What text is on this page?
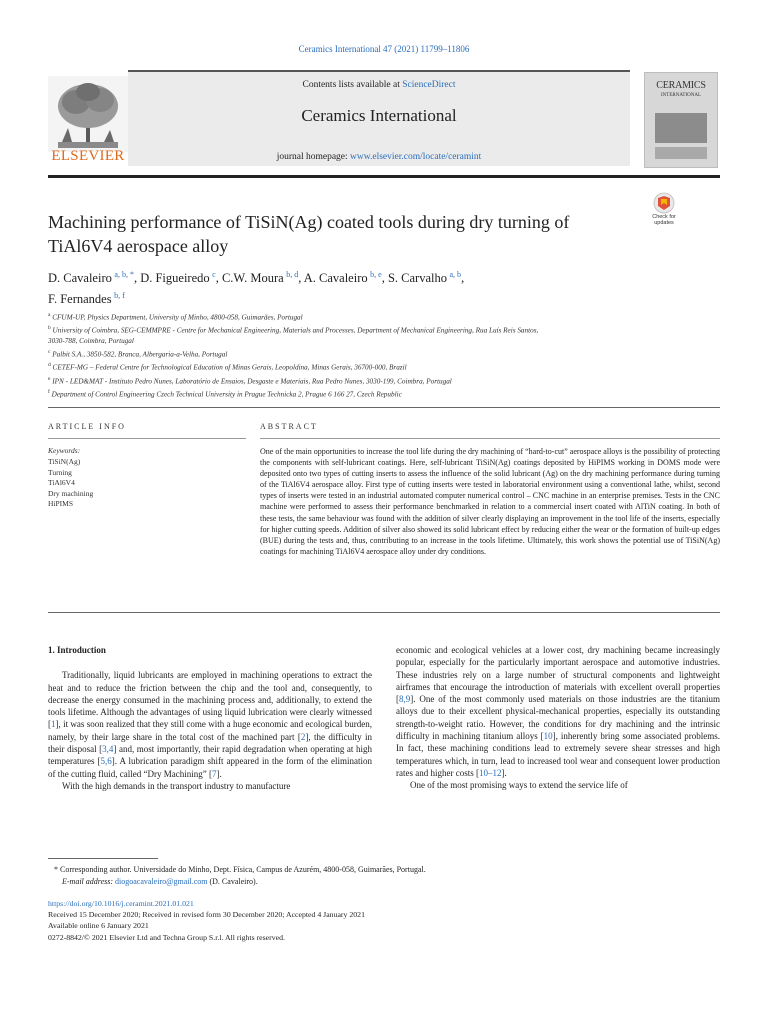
Ceramics International 47 (2021) 11799–11806
ELSEVIER
Contents lists available at ScienceDirect
Ceramics International
journal homepage: www.elsevier.com/locate/ceramint
CERAMICS
INTERNATIONAL
Machining performance of TiSiN(Ag) coated tools during dry turning of TiAl6V4 aerospace alloy
Check for updates
D. Cavaleiro  $^{a, b, *}$, D. Figueiredo  $^c$, C.W. Moura  $^{b, d}$, A. Cavaleiro  $^{b, e}$, S. Carvalho  $^{a, b}$,
F. Fernandes  $^{b, f}$
$^a$ CFUM-UP, Physics Department, University of Minho, 4800-058, Guimarães, Portugal
$^b$ University of Coimbra, SEG-CEMMPRE - Centre for Mechanical Engineering, Materials and Processes, Department of Mechanical Engineering, Rua Luís Reis Santos,
3030-788, Coimbra, Portugal
$^c$ Palbit S.A., 3850-582, Branca, Albergaria-a-Velha, Portugal
$^d$ CETEF-MG – Federal Centre for Technological Education of Minas Gerais, Leopoldina, Minas Gerais, 36700-000, Brazil
$^e$ IPN - LED&MAT - Instituto Pedro Nunes, Laboratório de Ensaios, Desgaste e Materiais, Rua Pedro Nunes, 3030-199, Coimbra, Portugal
$^f$ Department of Control Engineering Czech Technical University in Prague Technicka 2, Prague 6 166 27, Czech Republic
ARTICLE INFO	ABSTRACT
Keywords:
TiSiN(Ag)
Turning
TiAl6V4
Dry machining
HiPIMS
One of the main opportunities to increase the tool life during the dry machining of “hard-to-cut” aerospace alloys is the possibility of protecting the components with self-lubricant coatings. Here, self-lubricant TiSiN(Ag) coatings deposited by HiPIMS working in DOMS mode were deposited onto two types of cutting inserts to assess the influence of the solid lubricant (Ag) on the dry machining performance during turning of the TiAl6V4 aerospace alloy. First type of cutting inserts were tested in laboratorial environment using a conventional lathe, whilst, second types of inserts were tested in an industrial automated computer numerical control – CNC machine in an enterprise premises. Tests in the CNC machine were performed to assess their performance benchmarked in relation to a commercial insert coated with AlTiN coating. In both of these tests, the same behaviour was found with the addition of silver clearly displaying an improvement in the tool life of the inserts, especially for higher cutting speeds. Addition of silver also showed its solid lubricant effect by reducing either the wear or the formation of built-up edges (BUE) during the tests and, thus, contributing to an increase in the tools lifetime. Ultimately, this work shows the potential use of TiSiN(Ag) coatings for machining TiAl6V4 aerospace alloy under dry conditions.
1. Introduction

Traditionally, liquid lubricants are employed in machining operations to extract the heat and to reduce the friction between the chip and the tool and, consequently, to decrease the energy consumed in the machining process and, additionally, to extend the tools lifetime. Although the advantages of using liquid lubrication were clearly witnessed [1], it was soon realized that they still come with a huge economic and ecological burden, namely, by their large share in the total cost of the machined part [2], the difficulty in their disposal [3,4] and, most importantly, their rapid degradation when operating at high temperatures [5,6]. A lubrication paradigm shift appeared in the form of the elimination of the cutting fluid, called “Dry Machining” [7].

With the high demands in the transport industry to manufacture

economic and ecological vehicles at a lower cost, dry machining became increasingly popular, especially for the particularly important aerospace and automotive industries. These industries rely on a large number of structural components and lightweight airframes that encourage the introduction of materials with excellent overall properties [8,9]. One of the most commonly used materials on those industries are the titanium alloys due to their excellent physical-mechanical properties, especially its outstanding strength-to-weight ratio. However, the conditions for dry machining and the intrinsic difficulty in machining titanium alloys [10], inherently bring some associated problems. In fact, these machining conditions lead to extremely severe shear stresses and high temperatures which, in turn, lead to increased tool wear and consequent lower production rates and higher costs [10–12].

One of the most promising ways to extend the service life of

* Corresponding author. Universidade do Minho, Dept. Física, Campus de Azurém, 4800-058, Guimarães, Portugal.
E-mail address: diogoacavaleiro@gmail.com (D. Cavaleiro).
https://doi.org/10.1016/j.ceramint.2021.01.021
Received 15 December 2020; Received in revised form 30 December 2020; Accepted 4 January 2021
Available online 6 January 2021
0272-8842/© 2021 Elsevier Ltd and Techna Group S.r.l. All rights reserved.
